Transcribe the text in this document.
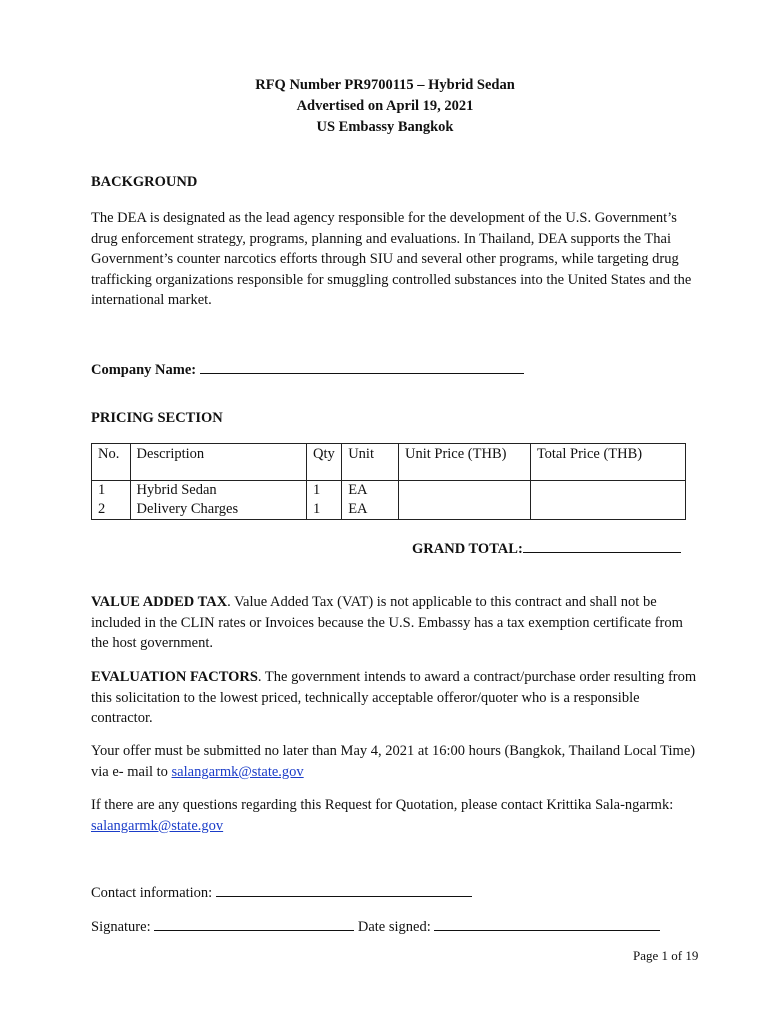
RFQ Number PR9700115 – Hybrid Sedan
Advertised on April 19, 2021
US Embassy Bangkok
BACKGROUND
The DEA is designated as the lead agency responsible for the development of the U.S. Government’s drug enforcement strategy, programs, planning and evaluations. In Thailand, DEA supports the Thai Government’s counter narcotics efforts through SIU and several other programs, while targeting drug trafficking organizations responsible for smuggling controlled substances into the United States and the international market.
Company Name:
PRICING SECTION
No.	Description	Qty	Unit	Unit Price (THB)	Total Price (THB)
1	Hybrid Sedan	1	EA		
2	Delivery Charges	1	EA		
GRAND TOTAL:
VALUE ADDED TAX. Value Added Tax (VAT) is not applicable to this contract and shall not be included in the CLIN rates or Invoices because the U.S. Embassy has a tax exemption certificate from the host government.
EVALUATION FACTORS. The government intends to award a contract/purchase order resulting from this solicitation to the lowest priced, technically acceptable offeror/quoter who is a responsible contractor.
Your offer must be submitted no later than May 4, 2021 at 16:00 hours (Bangkok, Thailand Local Time) via e- mail to salangarmk@state.gov
If there are any questions regarding this Request for Quotation, please contact Krittika Sala-ngarmk: salangarmk@state.gov
Contact information:
Signature:	Date signed:
Page 1 of 19
